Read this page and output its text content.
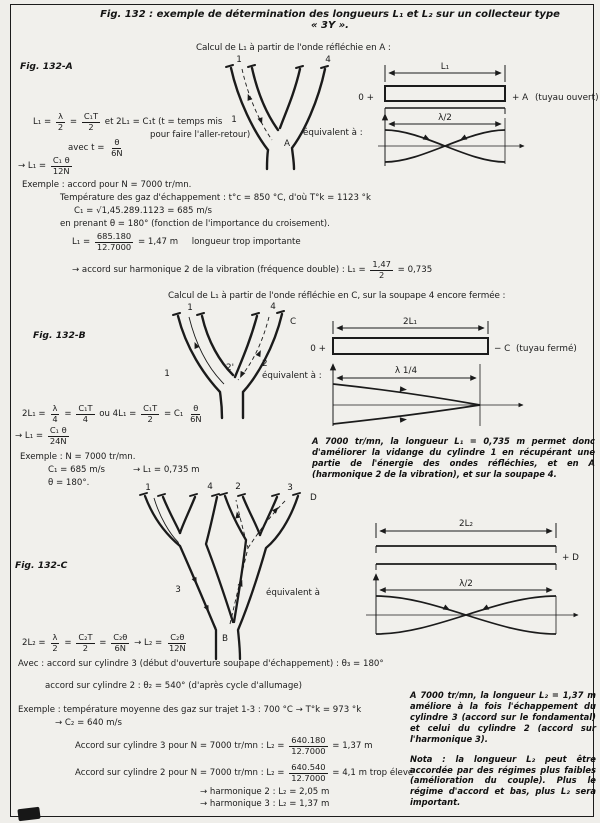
Fig. 132 : exemple de détermination des longueurs L₁ et L₂ sur un collecteur type « 3Y ».
Calcul de L₁ à partir de l'onde réfléchie en A :
Fig. 132-A
1	4
1
A
L₁
0 +	+ A (tuyau ouvert)
λ/2
équivalent à :
$L_1 = \frac{\lambda}{2} = \frac{\text{C₁T}}{2}$ et 2L₁ = C₁t (t = temps mis
pour faire l'aller-retour)
avec $t = \frac{\theta}{6N}$
→ $L_1 = \frac{\text{C₁ θ}}{12N}$
Exemple : accord pour N = 7000 tr/mn.
Température des gaz d'échappement : t°c = 850 °C, d'où T°k = 1123 °k
C₁ = √1,45.289.1123 = 685 m/s
en prenant θ = 180° (fonction de l'importance du croisement).
$L_1 = \frac{685.180}{12.7000} = 1,47$ m     longueur trop importante
→ accord sur harmonique 2 de la vibration (fréquence double) : $L_1 = \frac{1,47}{2} = 0,735$
Calcul de L₁ à partir de l'onde réfléchie en C, sur la soupape 4 encore fermée :
Fig. 132-B
1	4
C
1
2'	2
2L₁
0 +	− C (tuyau fermé)
λ 1/4
équivalent à :
$2L_1 = \frac{\lambda}{4} = \frac{\text{C₁T}}{4}$ ou $4L_1 = \frac{\text{C₁T}}{2} = C_1 \frac{\theta}{6N}$
→ $L_1 = \frac{\text{C₁ θ}}{24N}$
Exemple : N = 7000 tr/mn.
C₁ = 685 m/s	→ L₁ = 0,735 m
θ = 180°.
A 7000 tr/mn, la longueur L₁ = 0,735 m permet donc d'améliorer la vidange du cylindre 1 en récupérant une partie de l'énergie des ondes réfléchies, et en A (harmonique 2 de la vibration), et sur la soupape 4.
Fig. 132-C
1	4	2	3
D
3
B
2L₂
+ D
λ/2
équivalent à
$2L_2 = \frac{\lambda}{2} = \frac{\text{C₂T}}{2} = \frac{\text{C₂θ}}{6N} \to L_2 = \frac{\text{C₂θ}}{12N}$
Avec : accord sur cylindre 3 (début d'ouverture soupape d'échappement) : θ₃ = 180°
accord sur cylindre 2 : θ₂ = 540° (d'après cycle d'allumage)
Exemple : température moyenne des gaz sur trajet 1-3 : 700 °C → T°k = 973 °k
→ C₂ = 640 m/s
Accord sur cylindre 3 pour N = 7000 tr/mn : $L_2 = \frac{640.180}{12.7000} = 1,37$ m
Accord sur cylindre 2 pour N = 7000 tr/mn : $L_2 = \frac{640.540}{12.7000} = 4,1$ m trop élevé
→ harmonique 2 : L₂ = 2,05 m
→ harmonique 3 : L₂ = 1,37 m
A 7000 tr/mn, la longueur L₂ = 1,37 m améliore à la fois l'échappement du cylindre 3 (accord sur le fondamental) et celui du cylindre 2 (accord sur l'harmonique 3).
Nota : la longueur L₂ peut être accordée par des régimes plus faibles (amélioration du couple). Plus le régime d'accord et bas, plus L₂ sera important.
